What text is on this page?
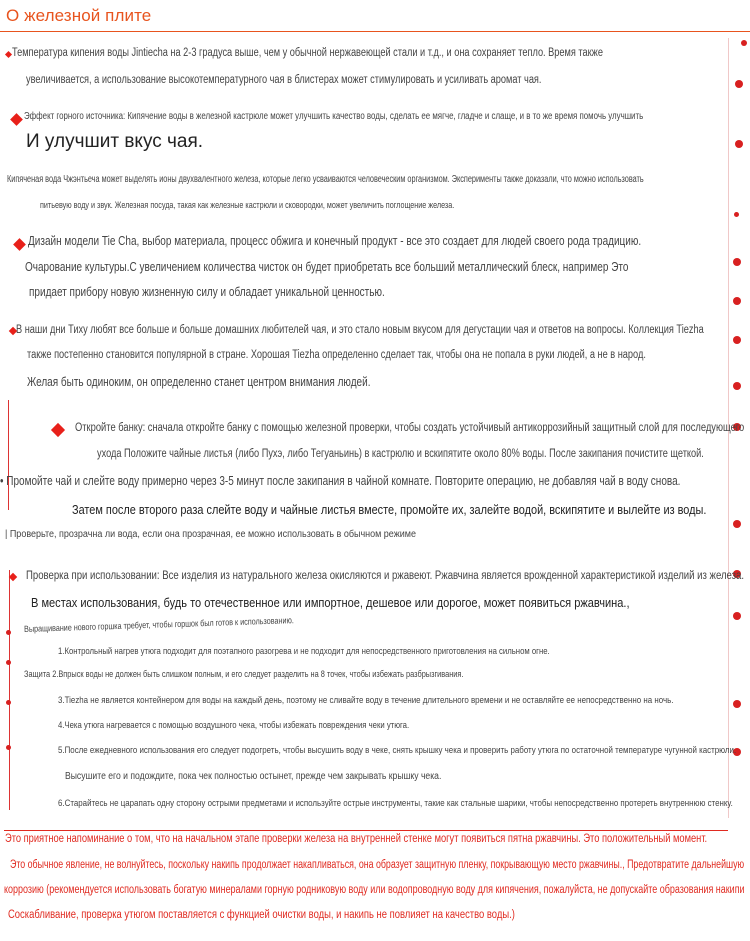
О железной плите
Температура кипения воды Jintiecha на 2-3 градуса выше, чем у обычной нержавеющей стали и т.д., и она сохраняет тепло. Время также
увеличивается, а использование высокотемпературного чая в блистерах может стимулировать и усиливать аромат чая.
Эффект горного источника: Кипячение воды в железной кастрюле может улучшить качество воды, сделать ее мягче, гладче и слаще, и в то же время помочь улучшить
И улучшит вкус чая.
Кипяченая вода Чжэнтьеча может выделять ионы двухвалентного железа, которые легко усваиваются человеческим организмом. Эксперименты также доказали, что можно использовать
питьевую воду и звук. Железная посуда, такая как железные кастрюли и сковородки, может увеличить поглощение железа.
Дизайн модели Tie Cha, выбор материала, процесс обжига и конечный продукт - все это создает для людей своего рода традицию.
Очарование культуры.С увеличением количества чисток он будет приобретать все больший металлический блеск, например Это
придает прибору новую жизненную силу и обладает уникальной ценностью.
В наши дни Тиху любят все больше и больше домашних любителей чая, и это стало новым вкусом для дегустации чая и ответов на вопросы. Коллекция Tiezha
также постепенно становится популярной в стране. Хорошая Tiezha определенно сделает так, чтобы она не попала в руки людей, а не в народ.
Желая быть одиноким, он определенно станет центром внимания людей.
Откройте банку: сначала откройте банку с помощью железной проверки, чтобы создать устойчивый антикоррозийный защитный слой для последующего
ухода Положите чайные листья (либо Пухэ, либо Тегуаньинь) в кастрюлю и вскипятите около 80% воды. После закипания почистите щеткой.
• Промойте чай и слейте воду примерно через 3-5 минут после закипания в чайной комнате. Повторите операцию, не добавляя чай в воду снова.
Затем после второго раза слейте воду и чайные листья вместе, промойте их, залейте водой, вскипятите и вылейте из воды.
| Проверьте, прозрачна ли вода, если она прозрачная, ее можно использовать в обычном режиме
Проверка при использовании: Все изделия из натурального железа окисляются и ржавеют. Ржавчина является врожденной характеристикой изделий из железа.
В местах использования, будь то отечественное или импортное, дешевое или дорогое, может появиться ржавчина.,
Выращивание нового горшка требует, чтобы горшок был готов к использованию.
1.Контрольный нагрев утюга подходит для поэтапного разогрева и не подходит для непосредственного приготовления на сильном огне.
Защита 2.Впрыск воды не должен быть слишком полным, и его следует разделить на 8 точек, чтобы избежать разбрызгивания.
3.Tiezha не является контейнером для воды на каждый день, поэтому не сливайте воду в течение длительного времени и не оставляйте ее непосредственно на ночь.
4.Чека утюга нагревается с помощью воздушного чека, чтобы избежать повреждения чеки утюга.
5.После ежедневного использования его следует подогреть, чтобы высушить воду в чеке, снять крышку чека и проверить работу утюга по остаточной температуре чугунной кастрюли.
Высушите его и подождите, пока чек полностью остынет, прежде чем закрывать крышку чека.
6.Старайтесь не царапать одну сторону острыми предметами и используйте острые инструменты, такие как стальные шарики, чтобы непосредственно протереть внутреннюю стенку.
Это приятное напоминание о том, что на начальном этапе проверки железа на внутренней стенке могут появиться пятна ржавчины. Это положительный момент.
Это обычное явление, не волнуйтесь, поскольку накипь продолжает накапливаться, она образует защитную пленку, покрывающую место ржавчины., Предотвратите дальнейшую
коррозию (рекомендуется использовать богатую минералами горную родниковую воду или водопроводную воду для кипячения, пожалуйста, не допускайте образования накипи
Соскабливание, проверка утюгом поставляется с функцией очистки воды, и накипь не повлияет на качество воды.)
